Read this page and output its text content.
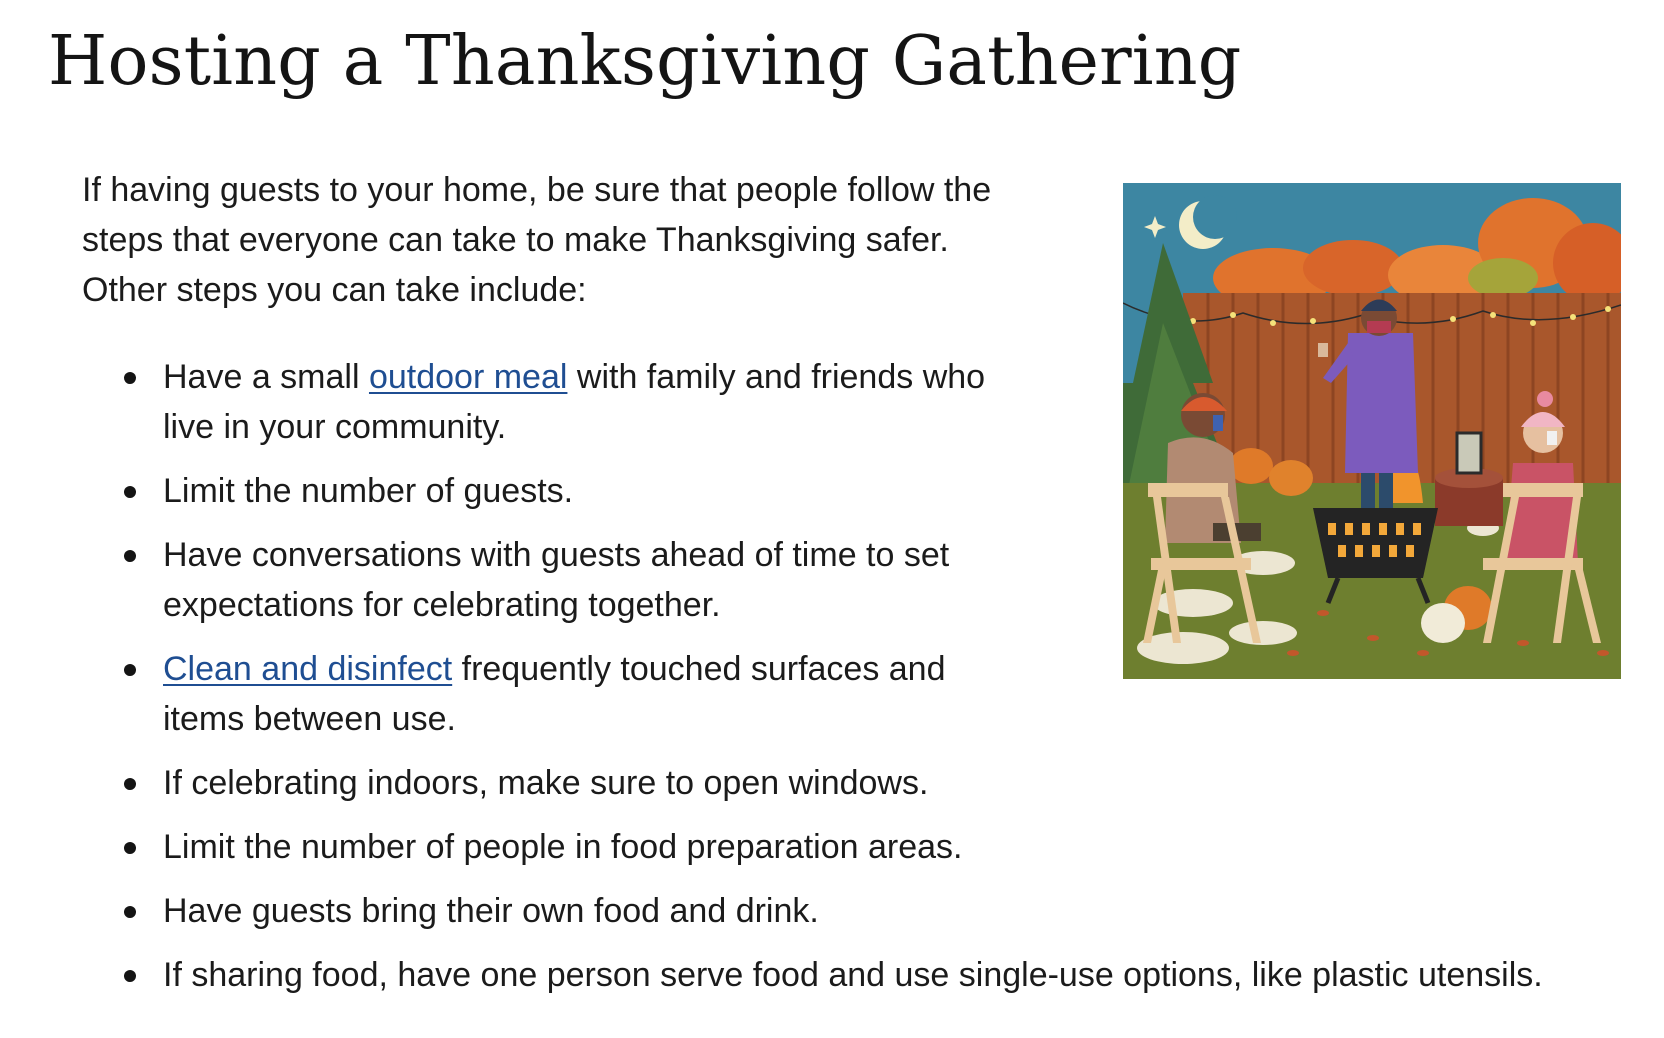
Hosting a Thanksgiving Gathering

If having guests to your home, be sure that people follow the
steps that everyone can take to make Thanksgiving safer.
Other steps you can take include:

Have a small outdoor meal with family and friends who
live in your community.
Limit the number of guests.
Have conversations with guests ahead of time to set
expectations for celebrating together.
Clean and disinfect frequently touched surfaces and
items between use.
If celebrating indoors, make sure to open windows.
Limit the number of people in food preparation areas.
Have guests bring their own food and drink.
If sharing food, have one person serve food and use single-use options, like plastic utensils.
